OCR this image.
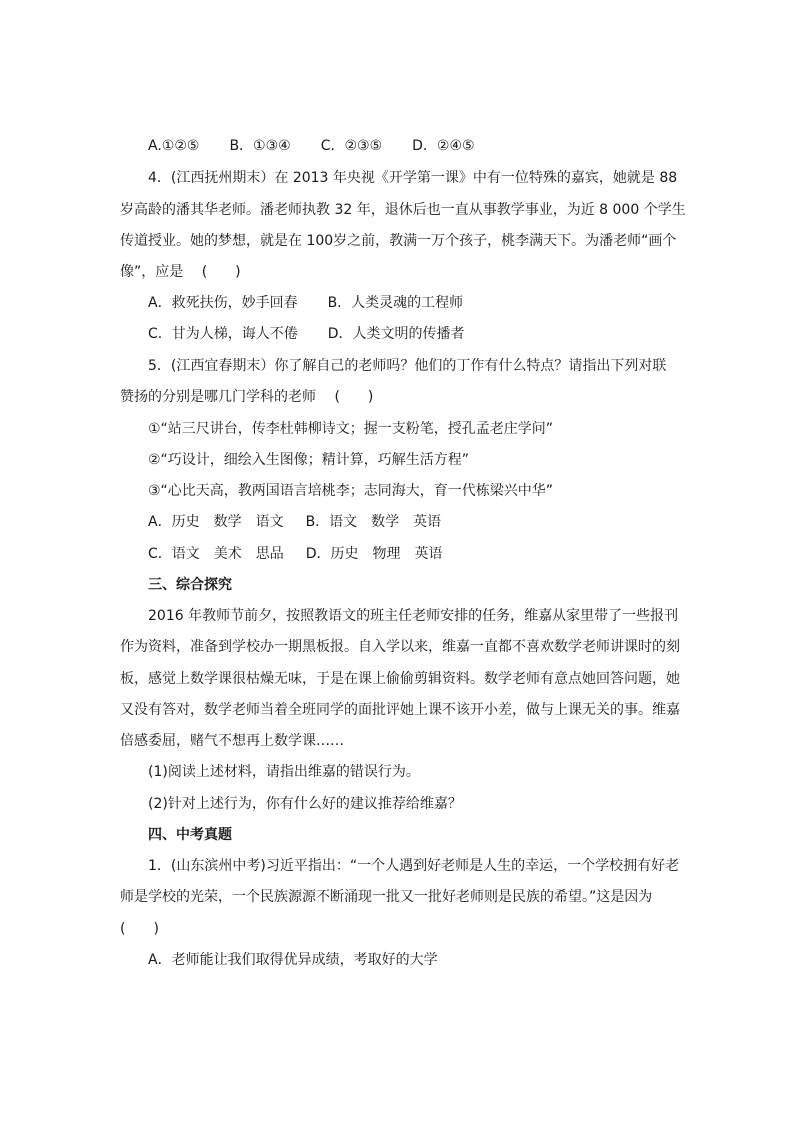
A.①②⑤ B．①③④ C．②③⑤ D．②④⑤
4．(江西抚州期末）在 2013 年央视《开学第一课》中有一位特殊的嘉宾，她就是 88
岁高龄的潘其华老师。潘老师执教 32 年，退休后也一直从事教学事业，为近 8 000 个学生
传道授业。她的梦想，就是在 100岁之前，教满一万个孩子，桃李满天下。为潘老师“画个
像”，应是　 (　　)
A．救死扶伤，妙手回春 B．人类灵魂的工程师
C．甘为人梯，诲人不倦 D．人类文明的传播者
5．(江西宜春期末）你了解自己的老师吗？他们的丁作有什么特点？请指出下列对联
赞扬的分别是哪几门学科的老师　 (　　)
①“站三尺讲台，传李杜韩柳诗文；握一支粉笔，授孔孟老庄学问”
②“巧设计，细绘入生图像；精计算，巧解生活方程”
③“心比天高，教两国语言培桃李；志同海大，育一代栋梁兴中华”
A．历史　数学　语文 B．语文　数学　英语
C．语文　美术　思品 D．历史　物理　英语
三、综合探究
2016 年教师节前夕，按照教语文的班主任老师安排的任务，维嘉从家里带了一些报刊
作为资料，准备到学校办一期黑板报。自入学以来，维嘉一直都不喜欢数学老师讲课时的刻
板，感觉上数学课很枯燥无味，于是在课上偷偷剪辑资料。数学老师有意点她回答问题，她
又没有答对，数学老师当着全班同学的面批评她上课不该开小差，做与上课无关的事。维嘉
倍感委屈，赌气不想再上数学课……
(1)阅读上述材料，请指出维嘉的错误行为。
(2)针对上述行为，你有什么好的建议推荐给维嘉？
四、中考真题
1．(山东滨州中考)习近平指出：“一个人遇到好老师是人生的幸运，一个学校拥有好老
师是学校的光荣，一个民族源源不断涌现一批又一批好老师则是民族的希望。”这是因为
(　　)
A．老师能让我们取得优异成绩，考取好的大学
